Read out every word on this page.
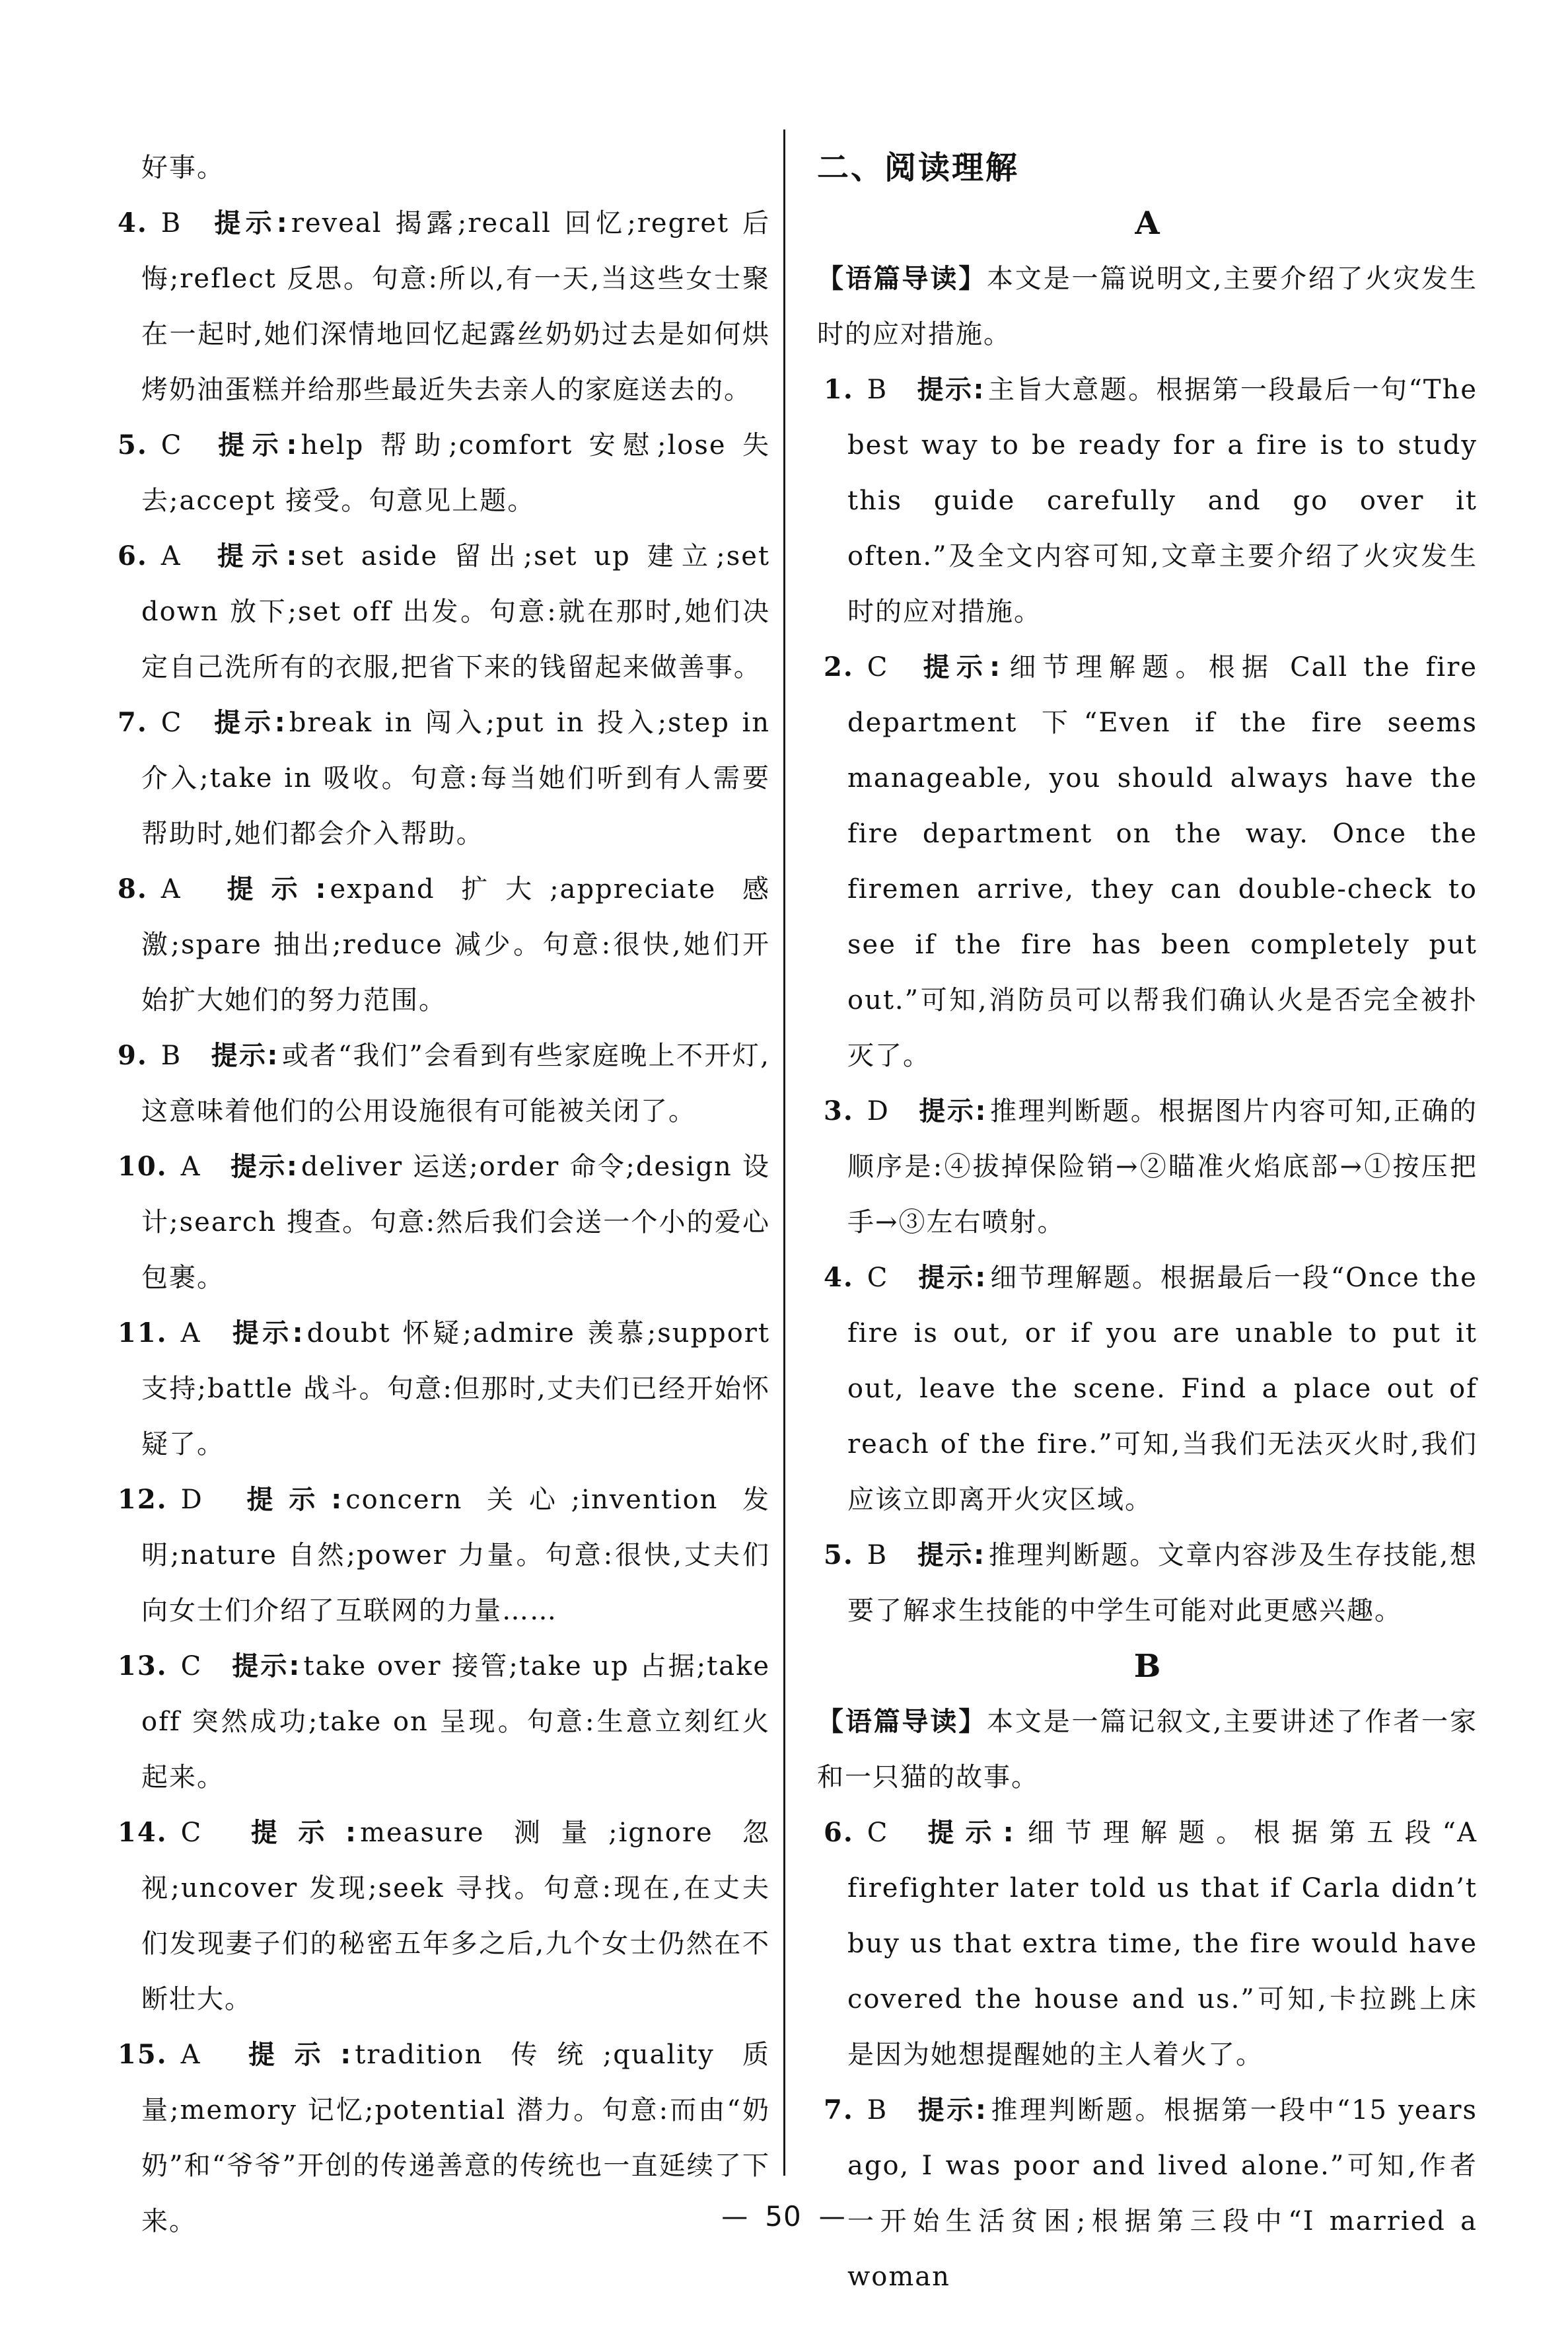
好事。

4. B 提示: reveal 揭露;recall 回忆;regret 后悔;reflect 反思。句意:所以,有一天,当这些女士聚在一起时,她们深情地回忆起露丝奶奶过去是如何烘烤奶油蛋糕并给那些最近失去亲人的家庭送去的。
5. C 提示: help 帮助;comfort 安慰;lose 失去;accept 接受。句意见上题。
6. A 提示: set aside 留出;set up 建立;set down 放下;set off 出发。句意:就在那时,她们决定自己洗所有的衣服,把省下来的钱留起来做善事。
7. C 提示: break in 闯入;put in 投入;step in 介入;take in 吸收。句意:每当她们听到有人需要帮助时,她们都会介入帮助。
8. A 提示: expand 扩大;appreciate 感激;spare 抽出;reduce 减少。句意:很快,她们开始扩大她们的努力范围。
9. B 提示: 或者“我们”会看到有些家庭晚上不开灯,这意味着他们的公用设施很有可能被关闭了。
10. A 提示: deliver 运送;order 命令;design 设计;search 搜查。句意:然后我们会送一个小的爱心包裹。
11. A 提示: doubt 怀疑;admire 羡慕;support 支持;battle 战斗。句意:但那时,丈夫们已经开始怀疑了。
12. D 提示: concern 关心;invention 发明;nature 自然;power 力量。句意:很快,丈夫们向女士们介绍了互联网的力量……
13. C 提示: take over 接管;take up 占据;take off 突然成功;take on 呈现。句意:生意立刻红火起来。
14. C 提示: measure 测量;ignore 忽视;uncover 发现;seek 寻找。句意:现在,在丈夫们发现妻子们的秘密五年多之后,九个女士仍然在不断壮大。
15. A 提示: tradition 传统;quality 质量;memory 记忆;potential 潜力。句意:而由“奶奶”和“爷爷”开创的传递善意的传统也一直延续了下来。
二、阅读理解
A

【语篇导读】本文是一篇说明文,主要介绍了火灾发生时的应对措施。

1. B 提示: 主旨大意题。根据第一段最后一句“The best way to be ready for a fire is to study this guide carefully and go over it often.”及全文内容可知,文章主要介绍了火灾发生时的应对措施。
2. C 提示: 细节理解题。根据 Call the fire department 下“Even if the fire seems manageable, you should always have the fire department on the way. Once the firemen arrive, they can double-check to see if the fire has been completely put out.”可知,消防员可以帮我们确认火是否完全被扑灭了。
3. D 提示: 推理判断题。根据图片内容可知,正确的顺序是:④拔掉保险销→②瞄准火焰底部→①按压把手→③左右喷射。
4. C 提示: 细节理解题。根据最后一段“Once the fire is out, or if you are unable to put it out, leave the scene. Find a place out of reach of the fire.”可知,当我们无法灭火时,我们应该立即离开火灾区域。
5. B 提示: 推理判断题。文章内容涉及生存技能,想要了解求生技能的中学生可能对此更感兴趣。
B

【语篇导读】本文是一篇记叙文,主要讲述了作者一家和一只猫的故事。

6. C 提示: 细节理解题。根据第五段“A firefighter later told us that if Carla didn’t buy us that extra time, the fire would have covered the house and us.”可知,卡拉跳上床是因为她想提醒她的主人着火了。
7. B 提示: 推理判断题。根据第一段中“15 years ago, I was poor and lived alone.”可知,作者一开始生活贫困;根据第三段中“I married a woman
— 50 —
